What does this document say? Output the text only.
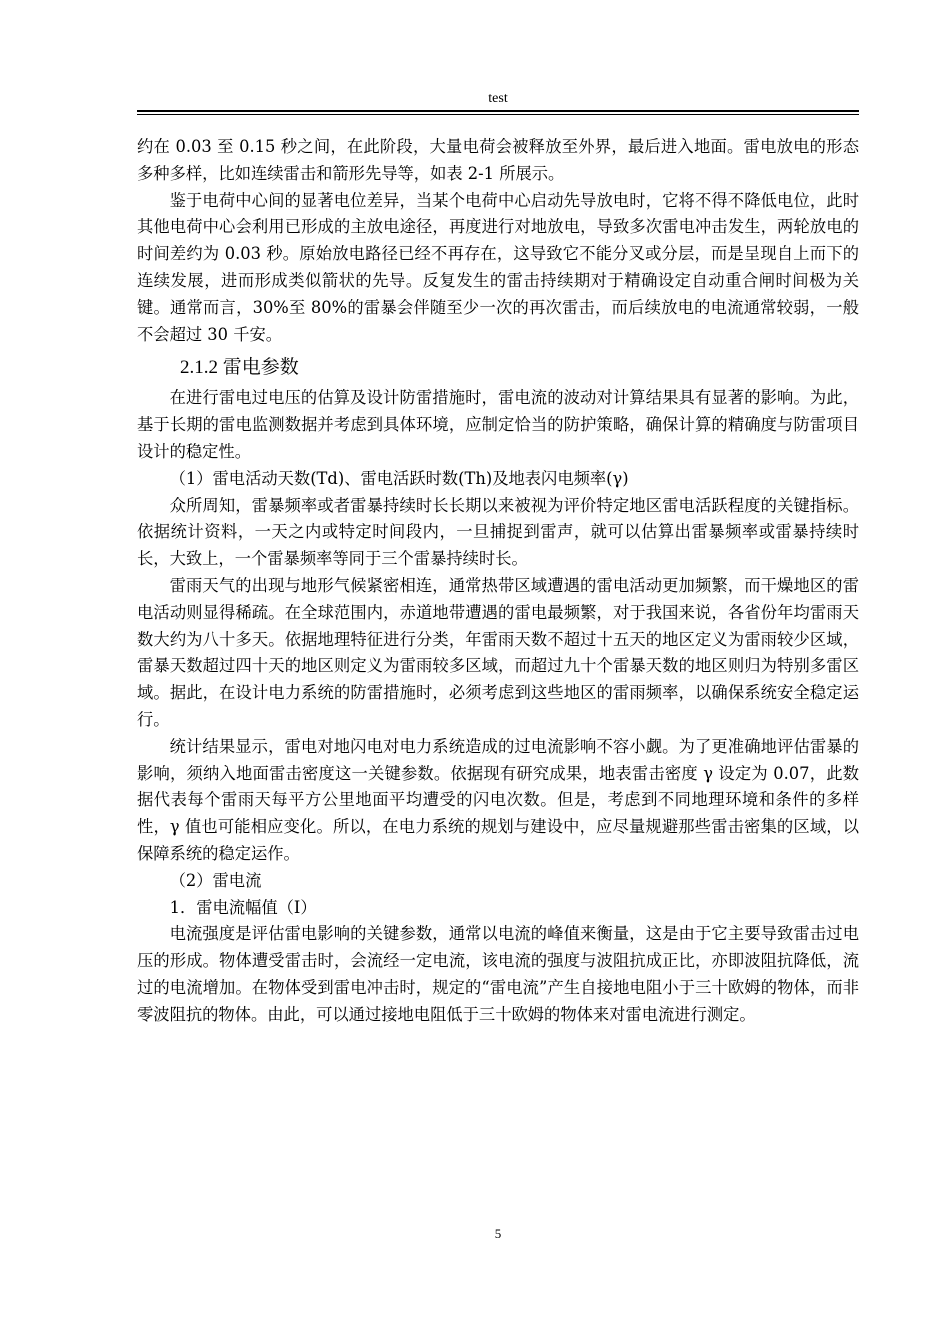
test

约在 0.03 至 0.15 秒之间，在此阶段，大量电荷会被释放至外界，最后进入地面。雷电放电的形态多种多样，比如连续雷击和箭形先导等，如表 2-1 所展示。

鉴于电荷中心间的显著电位差异，当某个电荷中心启动先导放电时，它将不得不降低电位，此时其他电荷中心会利用已形成的主放电途径，再度进行对地放电，导致多次雷电冲击发生，两轮放电的时间差约为 0.03 秒。原始放电路径已经不再存在，这导致它不能分叉或分层，而是呈现自上而下的连续发展，进而形成类似箭状的先导。反复发生的雷击持续期对于精确设定自动重合闸时间极为关键。通常而言，30%至 80%的雷暴会伴随至少一次的再次雷击，而后续放电的电流通常较弱，一般不会超过 30 千安。

2.1.2 雷电参数

在进行雷电过电压的估算及设计防雷措施时，雷电流的波动对计算结果具有显著的影响。为此，基于长期的雷电监测数据并考虑到具体环境，应制定恰当的防护策略，确保计算的精确度与防雷项目设计的稳定性。

（1）雷电活动天数(Td)、雷电活跃时数(Th)及地表闪电频率(γ)

众所周知，雷暴频率或者雷暴持续时长长期以来被视为评价特定地区雷电活跃程度的关键指标。依据统计资料，一天之内或特定时间段内，一旦捕捉到雷声，就可以估算出雷暴频率或雷暴持续时长，大致上，一个雷暴频率等同于三个雷暴持续时长。

雷雨天气的出现与地形气候紧密相连，通常热带区域遭遇的雷电活动更加频繁，而干燥地区的雷电活动则显得稀疏。在全球范围内，赤道地带遭遇的雷电最频繁，对于我国来说，各省份年均雷雨天数大约为八十多天。依据地理特征进行分类，年雷雨天数不超过十五天的地区定义为雷雨较少区域，雷暴天数超过四十天的地区则定义为雷雨较多区域，而超过九十个雷暴天数的地区则归为特别多雷区域。据此，在设计电力系统的防雷措施时，必须考虑到这些地区的雷雨频率，以确保系统安全稳定运行。

统计结果显示，雷电对地闪电对电力系统造成的过电流影响不容小觑。为了更准确地评估雷暴的影响，须纳入地面雷击密度这一关键参数。依据现有研究成果，地表雷击密度 γ 设定为 0.07，此数据代表每个雷雨天每平方公里地面平均遭受的闪电次数。但是，考虑到不同地理环境和条件的多样性，γ 值也可能相应变化。所以，在电力系统的规划与建设中，应尽量规避那些雷击密集的区域，以保障系统的稳定运作。

（2）雷电流

1．雷电流幅值（I）

电流强度是评估雷电影响的关键参数，通常以电流的峰值来衡量，这是由于它主要导致雷击过电压的形成。物体遭受雷击时，会流经一定电流，该电流的强度与波阻抗成正比，亦即波阻抗降低，流过的电流增加。在物体受到雷电冲击时，规定的“雷电流”产生自接地电阻小于三十欧姆的物体，而非零波阻抗的物体。由此，可以通过接地电阻低于三十欧姆的物体来对雷电流进行测定。

5
